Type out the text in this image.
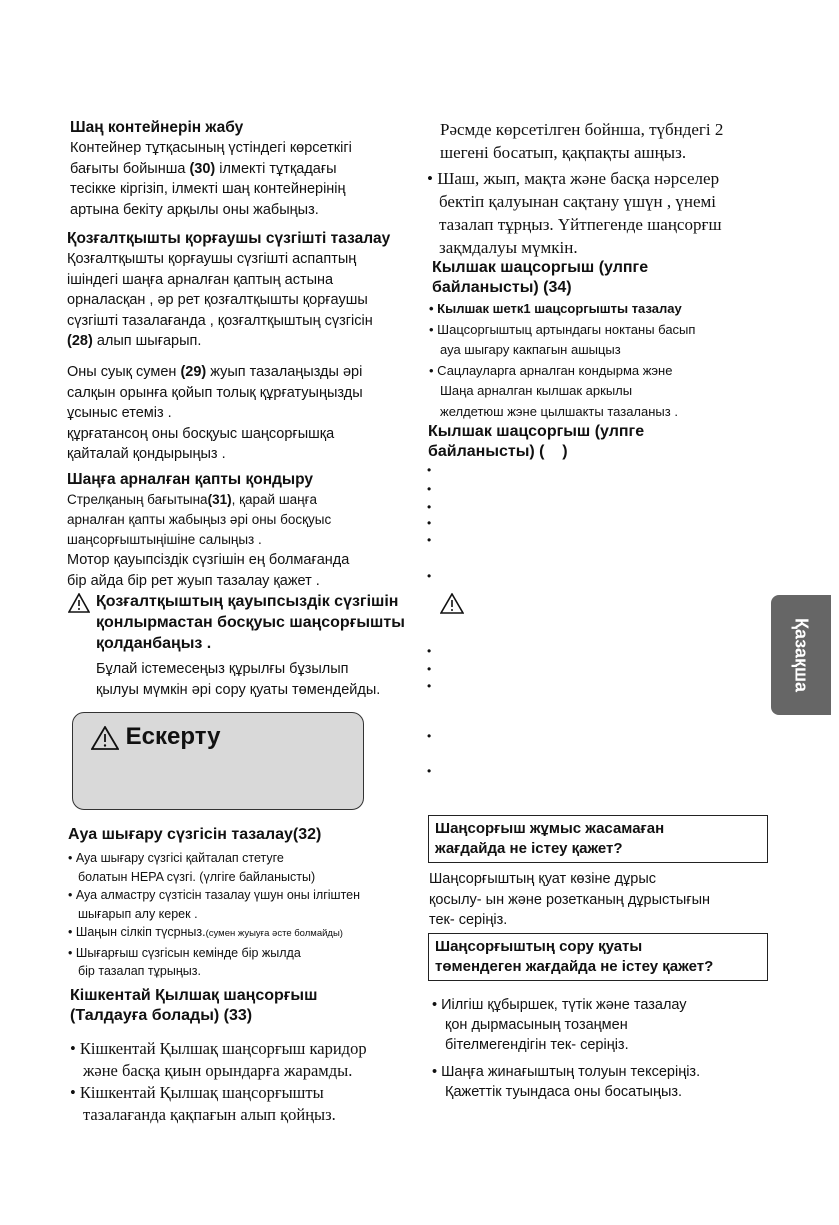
Шаң контейнерін жабу

Контейнер тұтқасының үстіндегі көрсеткігі

бағыты бойынша (30) ілмекті тұтқадағы

тесікке кіргізіп, ілмекті шаң контейнерінің

артына бекіту арқылы оны жабыңыз.

Қозғалтқышты қорғаушы сүзгішті тазалау

Қозғалтқышты қорғаушы сүзгішті аспаптың

ішіндегі шаңға арналған қаптың астына

орналасқан , әр рет қозғалтқышты қорғаушы

сүзгішті тазалағанда , қозғалтқыштың сүзгісін

(28) алып шығарып.

Оны суық сумен (29) жуып тазалаңызды әрі

салқын орынға қойып толық құрғатуыңызды

ұсыныс етеміз .

құрғатансоң оны босқуыс шаңсорғышқа

қайталай қондырыңыз .

Шаңға арналған қапты қондыру

Стрелқаның бағытына(31), қарай шаңға

арналған қапты жабыңыз әрі оны босқуыс

шаңсорғыштыңішіне салыңыз .

Мотор қауыпсіздік сүзгішін ең болмағанда

бір айда бір рет жуып тазалау қажет .

Қозғалтқыштың қауыпсыздік сүзгішін

қонлырмастан босқуыс шаңсорғышты

қолданбаңыз .

Бұлай істемесеңыз құрылғы бұзылып

қылуы мүмкін әрі сору қуаты төмендейды.

Ескерту

Ауа шығару сүзгісін тазалау(32)

• Ауа шығару сүзгісі қайталап стетуге
болатын HEPA сүзгі. (үлгіге байланысты)
• Ауа алмастру сүзтісін тазалау үшун оны ілгіштен
шығарып алу керек .
• Шаңын сілкіп түсрныз.(сумен жуыуға әсте болмайды)
• Шығарғыш сүзгісын кемінде бір жылда
бір тазалап тұрыңыз.

Кішкентай Қылшақ шаңсорғыш

(Талдауға болады) (33)

• Кішкентай Қылшақ шаңсорғыш каридор
және басқа қиын орындарға жарамды.
• Кішкентай Қылшақ шаңсорғышты
тазалағанда қақпағын алып қойңыз.
Рәсмде көрсетілген бойнша, түбндегі 2
шегені босатып, қақпақты ашңыз.
• Шаш, жып, мақта және басқа нәрселер
бектіп қалуынан сақтану үшүн , үнемі
тазалап тұрңыз. Үйтпегенде шаңсорғш
зақмдалуы мүмкін.

Кылшак шацсоргыш (улпге

байланысты) (34)

• Кылшак шетк1 шацсоргышты тазалау
• Шацсоргыштыц артындагы ноктаны басып
ауа шыгару какпагын ашыцыз
• Сацлауларга арналган кондырма жэне
Шаңа арналган кылшак аркылы
желдетюш жэне цылшакты тазаланыз .

Кылшак шацсоргыш (улпге

байланысты) (    )

•
•
•
•
•
•
•
•
•
•
•
Шаңсорғыш жұмыс жасамаған
жағдайда не істеу қажет?

Шаңсорғыштың қуат көзіне дұрыс

қосылу- ын және розетканың дұрыстығын

тек- серіңіз.

Шаңсорғыштың сору қуаты
төмендеген жағдайда не істеу қажет?
• Иілгіш құбыршек, түтік және тазалау
қон дырмасының тозаңмен
бітелмегендігін тек- серіңіз.
• Шаңға жинағыштың толуын тексеріңіз.
Қажеттік туындаса оны босатыңыз.
Қазақша
